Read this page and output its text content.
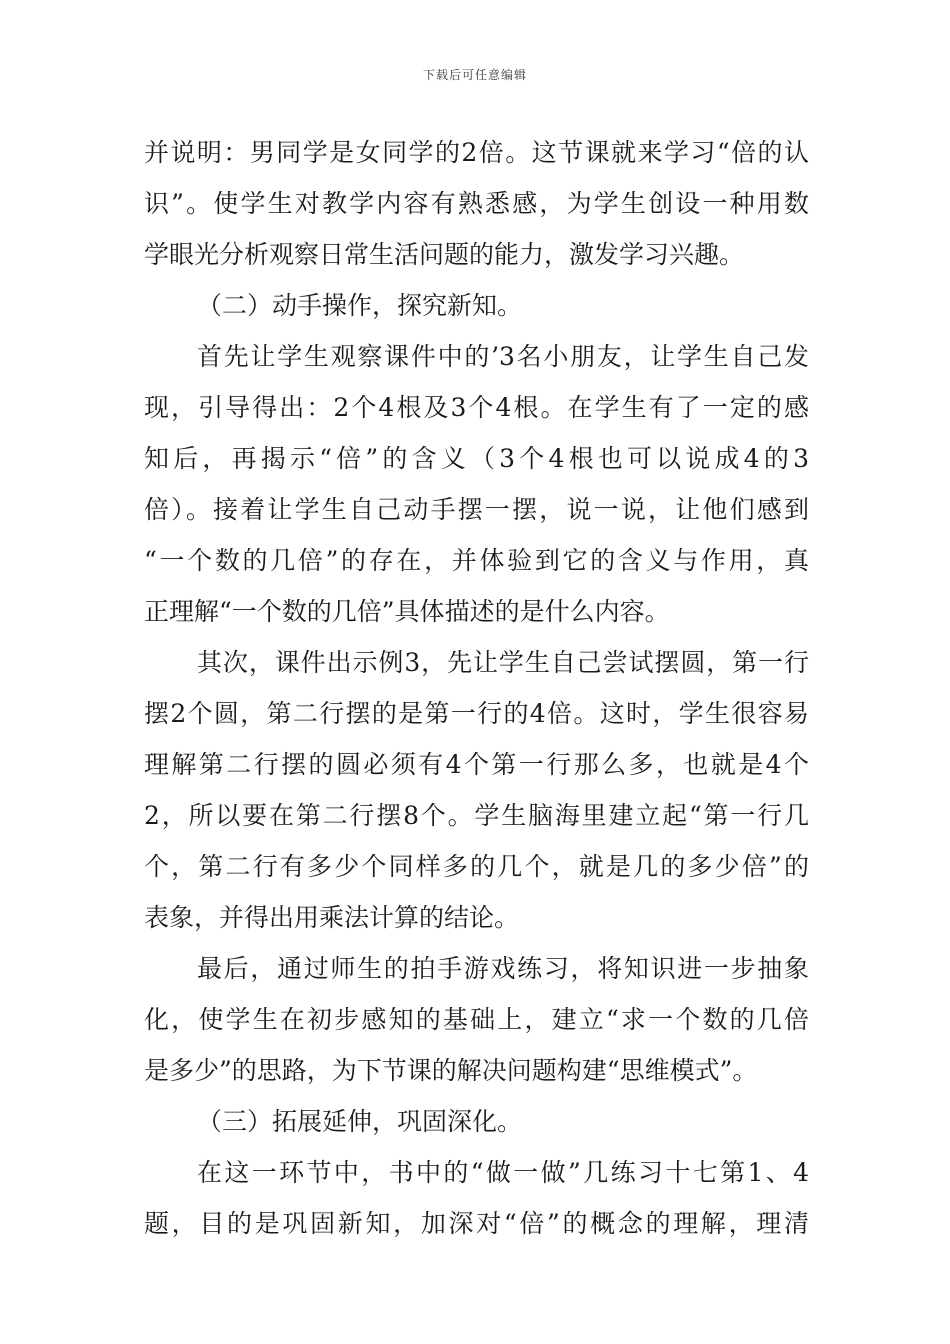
下载后可任意编辑
并说明：男同学是女同学的2倍。这节课就来学习“倍的认
识”。使学生对教学内容有熟悉感，为学生创设一种用数
学眼光分析观察日常生活问题的能力，激发学习兴趣。
（二）动手操作，探究新知。
首先让学生观察课件中的’3名小朋友，让学生自己发
现，引导得出：2个4根及3个4根。在学生有了一定的感
知后，再揭示“倍”的含义（3个4根也可以说成4的3
倍）。接着让学生自己动手摆一摆，说一说，让他们感到
“一个数的几倍”的存在，并体验到它的含义与作用，真
正理解“一个数的几倍”具体描述的是什么内容。
其次，课件出示例3，先让学生自己尝试摆圆，第一行
摆2个圆，第二行摆的是第一行的4倍。这时，学生很容易
理解第二行摆的圆必须有4个第一行那么多，也就是4个
2，所以要在第二行摆8个。学生脑海里建立起“第一行几
个，第二行有多少个同样多的几个，就是几的多少倍”的
表象，并得出用乘法计算的结论。
最后，通过师生的拍手游戏练习，将知识进一步抽象
化，使学生在初步感知的基础上，建立“求一个数的几倍
是多少”的思路，为下节课的解决问题构建“思维模式”。
（三）拓展延伸，巩固深化。
在这一环节中，书中的“做一做”几练习十七第1、4
题，目的是巩固新知，加深对“倍”的概念的理解，理清
